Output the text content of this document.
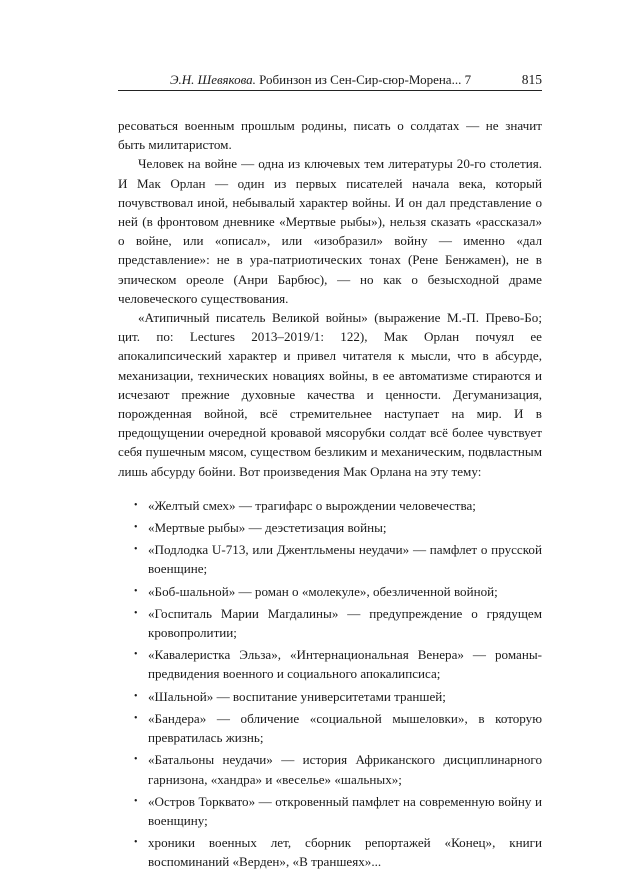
Э.Н. Шевякова. Робинзон из Сен-Сир-сюр-Морена... 7	815

ресоваться военным прошлым родины, писать о солдатах — не значит быть милитаристом.

Человек на войне — одна из ключевых тем литературы 20-го столетия. И Мак Орлан — один из первых писателей начала века, который почувствовал иной, небывалый характер войны. И он дал представление о ней (в фронтовом дневнике «Мертвые рыбы»), нельзя сказать «рассказал» о войне, или «описал», или «изобразил» войну — именно «дал представление»: не в ура-патриотических тонах (Рене Бенжамен), не в эпическом ореоле (Анри Барбюс), — но как о безысходной драме человеческого существования.

«Атипичный писатель Великой войны» (выражение М.-П. Прево-Бо; цит. по: Lectures 2013–2019/1: 122), Мак Орлан почуял ее апокалипсический характер и привел читателя к мысли, что в абсурде, механизации, технических новациях войны, в ее автоматизме стираются и исчезают прежние духовные качества и ценности. Дегуманизация, порожденная войной, всё стремительнее наступает на мир. И в предощущении очередной кровавой мясорубки солдат всё более чувствует себя пушечным мясом, существом безликим и механическим, подвластным лишь абсурду бойни. Вот произведения Мак Орлана на эту тему:

• «Желтый смех» — трагифарс о вырождении человечества;
• «Мертвые рыбы» — деэстетизация войны;
• «Подлодка U-713, или Джентльмены неудачи» — памфлет о прусской военщине;
• «Боб-шальной» — роман о «молекуле», обезличенной войной;
• «Госпиталь Марии Магдалины» — предупреждение о грядущем кровопролитии;
• «Кавалеристка Эльза», «Интернациональная Венера» — романы-предвидения военного и социального апокалипсиса;
• «Шальной» — воспитание университетами траншей;
• «Бандера» — обличение «социальной мышеловки», в которую превратилась жизнь;
• «Батальоны неудачи» — история Африканского дисциплинарного гарнизона, «хандра» и «веселье» «шальных»;
• «Остров Торквато» — откровенный памфлет на современную войну и военщину;
• хроники военных лет, сборник репортажей «Конец», книги воспоминаний «Верден», «В траншеях»...
